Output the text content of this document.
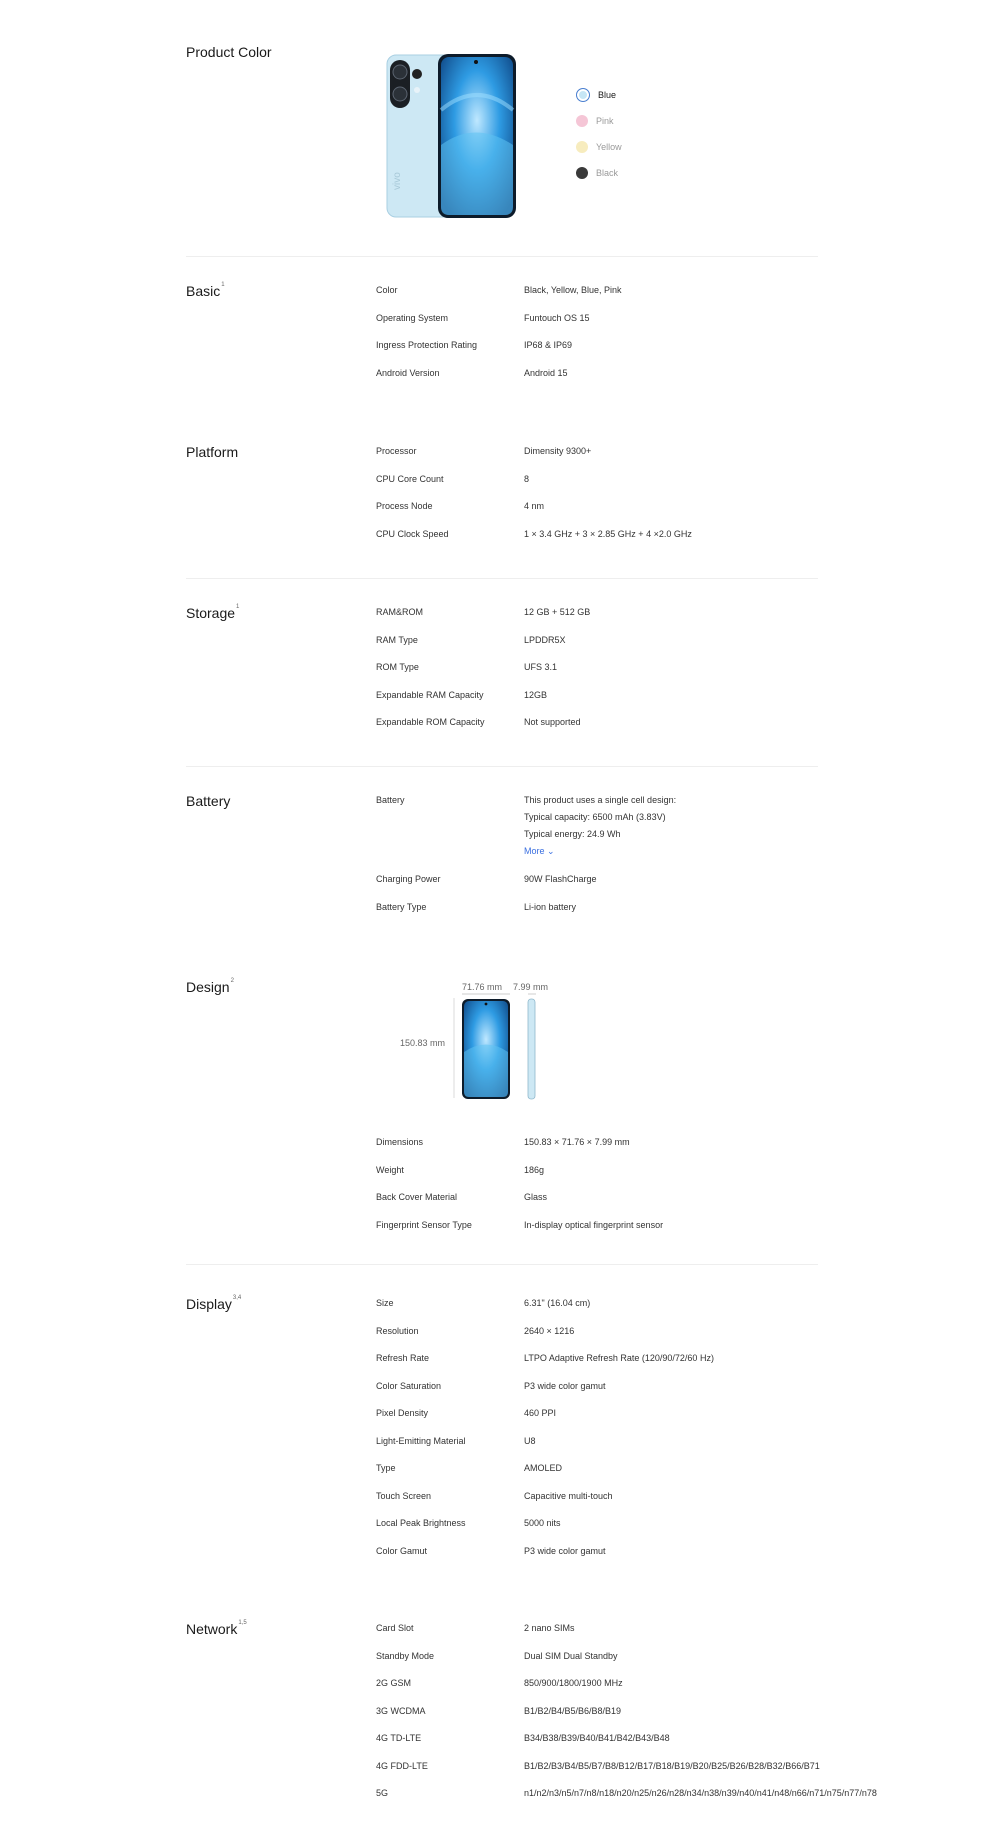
Product Color
vivo
Blue
Pink
Yellow
Black
Basic$^1$
Platform
Storage$^1$
Battery	Battery	This product uses a single cell design:
Typical capacity: 6500 mAh (3.83V)
Typical energy: 24.9 Wh
More ⌄
Design$^2$
71.76 mm 7.99 mm
150.83 mm
Display$^{3,4}$
Network$^{1,5}$
Color	Black, Yellow, Blue, Pink
Operating System	Funtouch OS 15
Ingress Protection Rating	IP68 & IP69
Android Version	Android 15
Processor	Dimensity 9300+
CPU Core Count	8
Process Node	4 nm
CPU Clock Speed	1 × 3.4 GHz + 3 × 2.85 GHz + 4 ×2.0 GHz
RAM&ROM	12 GB + 512 GB
RAM Type	LPDDR5X
ROM Type	UFS 3.1
Expandable RAM Capacity	12GB
Expandable ROM Capacity	Not supported
Charging Power	90W FlashCharge
Battery Type	Li-ion battery
Dimensions	150.83 × 71.76 × 7.99 mm
Weight	186g
Back Cover Material	Glass
Fingerprint Sensor Type	In-display optical fingerprint sensor
Size	6.31" (16.04 cm)
Resolution	2640 × 1216
Refresh Rate	LTPO Adaptive Refresh Rate (120/90/72/60 Hz)
Color Saturation	P3 wide color gamut
Pixel Density	460 PPI
Light-Emitting Material	U8
Type	AMOLED
Touch Screen	Capacitive multi-touch
Local Peak Brightness	5000 nits
Color Gamut	P3 wide color gamut
Card Slot	2 nano SIMs
Standby Mode	Dual SIM Dual Standby
2G GSM	850/900/1800/1900 MHz
3G WCDMA	B1/B2/B4/B5/B6/B8/B19
4G TD-LTE	B34/B38/B39/B40/B41/B42/B43/B48
4G FDD-LTE	B1/B2/B3/B4/B5/B7/B8/B12/B17/B18/B19/B20/B25/B26/B28/B32/B66/B71
5G	n1/n2/n3/n5/n7/n8/n18/n20/n25/n26/n28/n34/n38/n39/n40/n41/n48/n66/n71/n75/n77/n78
